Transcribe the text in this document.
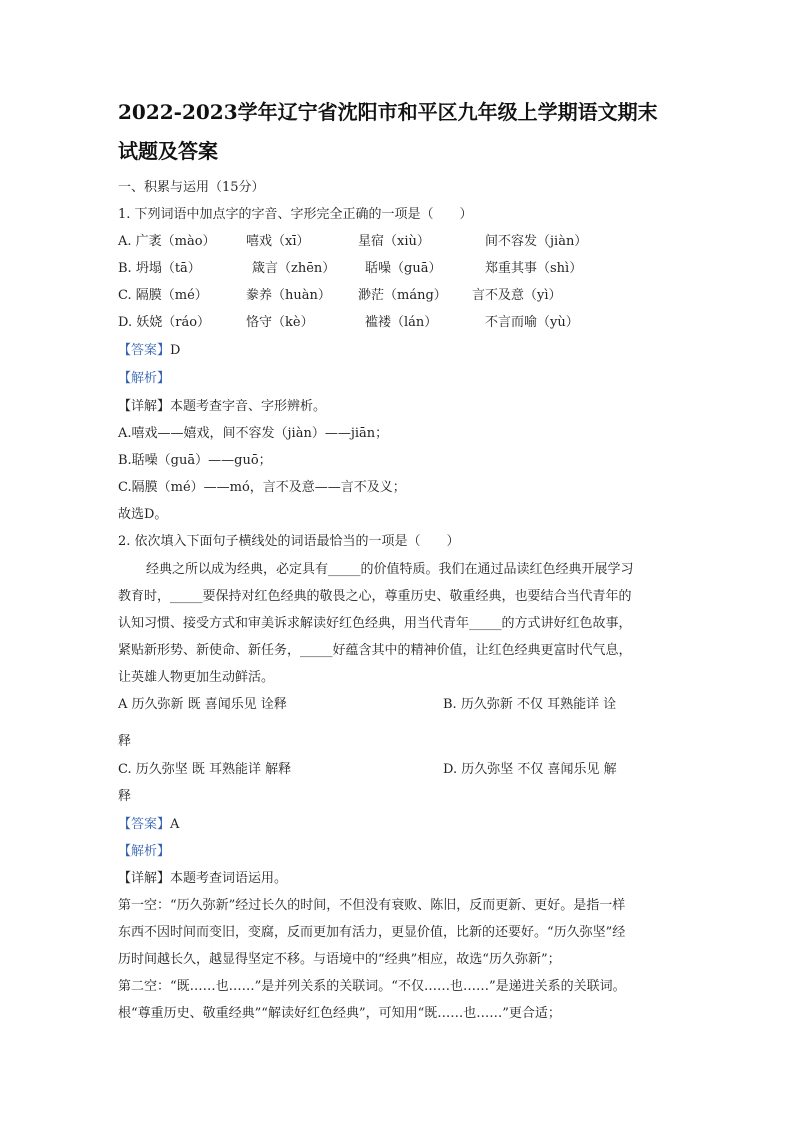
2022-2023学年辽宁省沈阳市和平区九年级上学期语文期末
试题及答案
一、积累与运用（15分）
1. 下列词语中加点字的字音、字形完全正确的一项是（　　）
A. 广袤（mào） 嘻戏（xī）	星宿（xiù）	间不容发（jiàn）
B. 坍塌（tā）	箴言（zhēn） 聒噪（guā）	郑重其事（shì）
C. 隔膜（mé）	豢养（huàn） 渺茫（máng） 言不及意（yì）
D. 妖娆（ráo）	恪守（kè）	褴褛（lán）	不言而喻（yù）
【答案】D
【解析】
【详解】本题考查字音、字形辨析。
A.嘻戏——嬉戏，间不容发（jiàn）——jiān；
B.聒噪（guā）——guō；
C.隔膜（mé）——mó，言不及意——言不及义；
故选D。
2. 依次填入下面句子横线处的词语最恰当的一项是（　　）
经典之所以成为经典，必定具有_____的价值特质。我们在通过品读红色经典开展学习
教育时，_____要保持对红色经典的敬畏之心，尊重历史、敬重经典，也要结合当代青年的
认知习惯、接受方式和审美诉求解读好红色经典，用当代青年_____的方式讲好红色故事，
紧贴新形势、新使命、新任务，_____好蕴含其中的精神价值，让红色经典更富时代气息，
让英雄人物更加生动鲜活。
A 历久弥新 既 喜闻乐见 诠释	B. 历久弥新 不仅 耳熟能详 诠
释
C. 历久弥坚 既 耳熟能详 解释	D. 历久弥坚 不仅 喜闻乐见 解
释
【答案】A
【解析】
【详解】本题考查词语运用。
第一空：“历久弥新”经过长久的时间，不但没有衰败、陈旧，反而更新、更好。是指一样
东西不因时间而变旧，变腐，反而更加有活力，更显价值，比新的还要好。“历久弥坚”经
历时间越长久，越显得坚定不移。与语境中的“经典”相应，故选“历久弥新”；
第二空：“既……也……”是并列关系的关联词。“不仅……也……”是递进关系的关联词。
根“尊重历史、敬重经典”“解读好红色经典”，可知用“既……也……”更合适；
